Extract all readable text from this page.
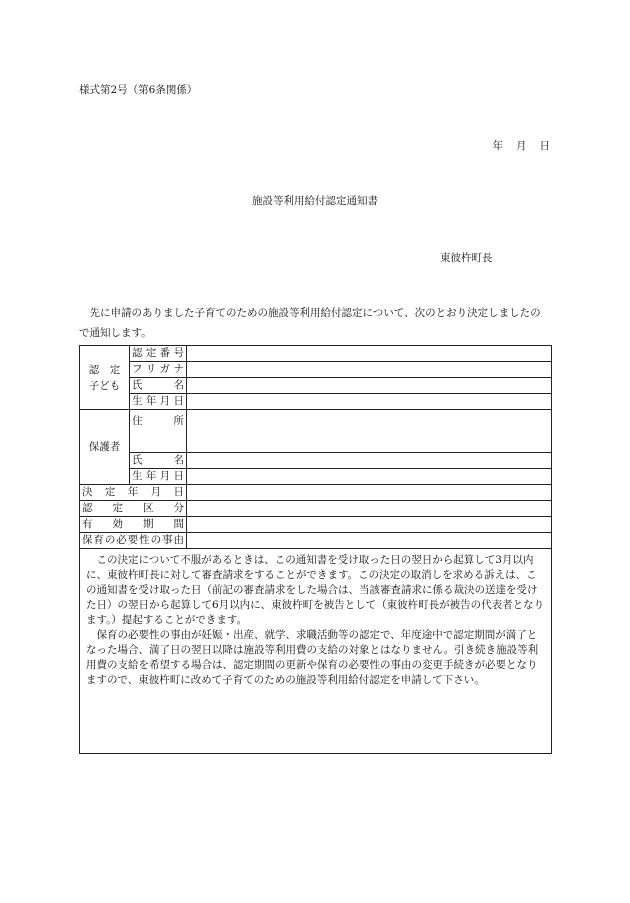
様式第2号（第6条関係）
年 月 日
施設等利用給付認定通知書
東彼杵町長
先に申請のありました子育てのための施設等利用給付認定について、次のとおり決定しましたので通知します。
認　定
子ども	認定番号	
	フリガナ	
	氏　名	
	生年月日	
保護者	住　所	
	氏　名	
	生年月日	
決定年月日		
認定区分		
有効期間		
保育の必要性の事由		

この決定について不服があるときは、この通知書を受け取った日の翌日から起算して3月以内に、東彼杵町長に対して審査請求をすることができます。この決定の取消しを求める訴えは、この通知書を受け取った日（前記の審査請求をした場合は、当該審査請求に係る裁決の送達を受けた日）の翌日から起算して6月以内に、東彼杵町を被告として（東彼杵町長が被告の代表者となります。）提起することができます。

保育の必要性の事由が妊娠・出産、就学、求職活動等の認定で、年度途中で認定期間が満了となった場合、満了日の翌日以降は施設等利用費の支給の対象とはなりません。引き続き施設等利用費の支給を希望する場合は、認定期間の更新や保育の必要性の事由の変更手続きが必要となりますので、東彼杵町に改めて子育てのための施設等利用給付認定を申請して下さい。		
